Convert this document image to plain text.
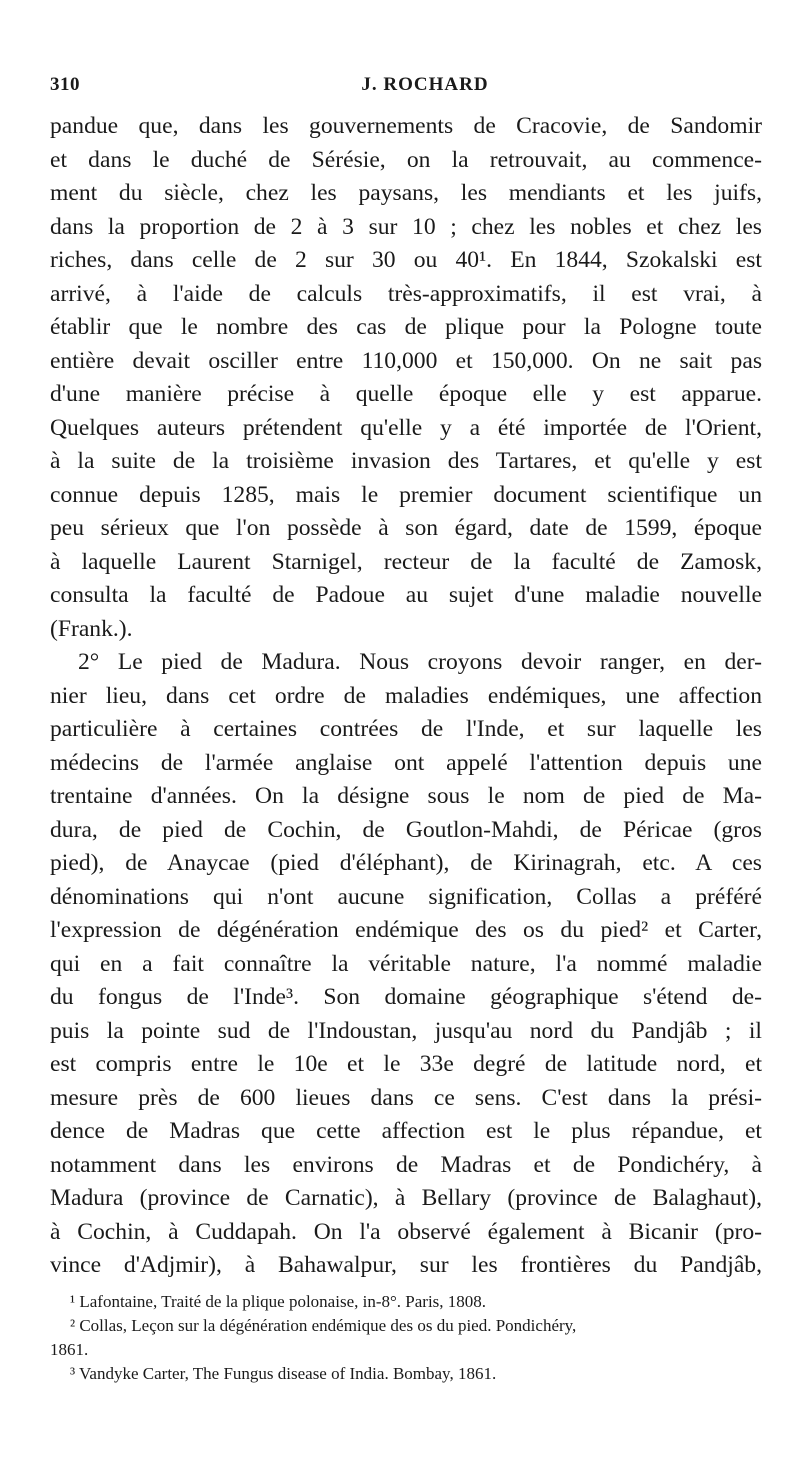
310	J. ROCHARD
pandue que, dans les gouvernements de Cracovie, de Sandomir
et dans le duché de Sérésie, on la retrouvait, au commence-
ment du siècle, chez les paysans, les mendiants et les juifs,
dans la proportion de 2 à 3 sur 10 ; chez les nobles et chez les
riches, dans celle de 2 sur 30 ou 40¹. En 1844, Szokalski est
arrivé, à l'aide de calculs très-approximatifs, il est vrai, à
établir que le nombre des cas de plique pour la Pologne toute
entière devait osciller entre 110,000 et 150,000. On ne sait pas
d'une manière précise à quelle époque elle y est apparue.
Quelques auteurs prétendent qu'elle y a été importée de l'Orient,
à la suite de la troisième invasion des Tartares, et qu'elle y est
connue depuis 1285, mais le premier document scientifique un
peu sérieux que l'on possède à son égard, date de 1599, époque
à laquelle Laurent Starnigel, recteur de la faculté de Zamosk,
consulta la faculté de Padoue au sujet d'une maladie nouvelle
(Frank.).
2° Le pied de Madura. Nous croyons devoir ranger, en der-
nier lieu, dans cet ordre de maladies endémiques, une affection
particulière à certaines contrées de l'Inde, et sur laquelle les
médecins de l'armée anglaise ont appelé l'attention depuis une
trentaine d'années. On la désigne sous le nom de pied de Ma-
dura, de pied de Cochin, de Goutlon-Mahdi, de Péricae (gros
pied), de Anaycae (pied d'éléphant), de Kirinagrah, etc. A ces
dénominations qui n'ont aucune signification, Collas a préféré
l'expression de dégénération endémique des os du pied² et Carter,
qui en a fait connaître la véritable nature, l'a nommé maladie
du fongus de l'Inde³. Son domaine géographique s'étend de-
puis la pointe sud de l'Indoustan, jusqu'au nord du Pandjâb ; il
est compris entre le 10e et le 33e degré de latitude nord, et
mesure près de 600 lieues dans ce sens. C'est dans la prési-
dence de Madras que cette affection est le plus répandue, et
notamment dans les environs de Madras et de Pondichéry, à
Madura (province de Carnatic), à Bellary (province de Balaghaut),
à Cochin, à Cuddapah. On l'a observé également à Bicanir (pro-
vince d'Adjmir), à Bahawalpur, sur les frontières du Pandjâb,
¹ Lafontaine, Traité de la plique polonaise, in-8°. Paris, 1808.
² Collas, Leçon sur la dégénération endémique des os du pied. Pondichéry,
1861.
³ Vandyke Carter, The Fungus disease of India. Bombay, 1861.
